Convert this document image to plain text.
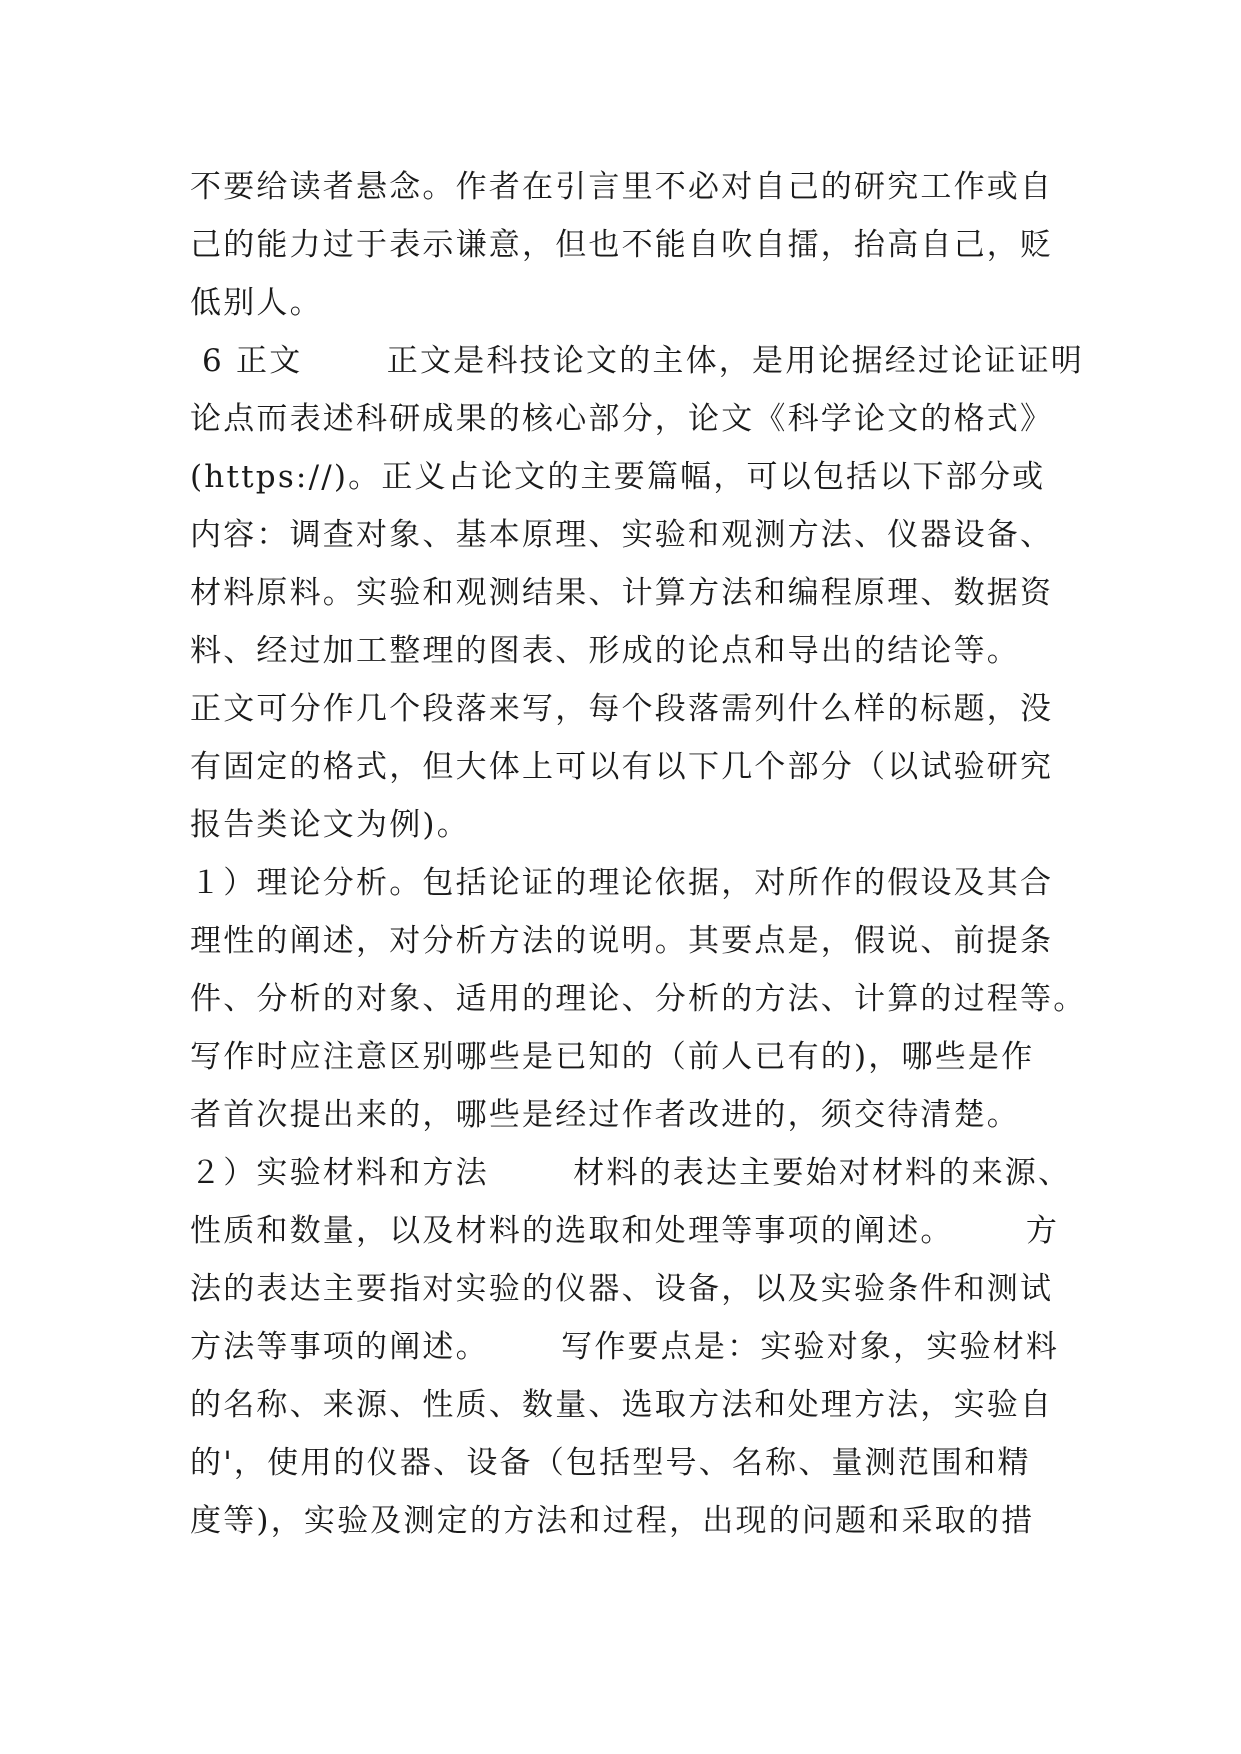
不要给读者悬念。作者在引言里不必对自己的研究工作或自
己的能力过于表示谦意，但也不能自吹自擂，抬高自己，贬
低别人。
6 正文       正文是科技论文的主体，是用论据经过论证证明
论点而表述科研成果的核心部分，论文《科学论文的格式》
(https://)。正义占论文的主要篇幅，可以包括以下部分或
内容：调查对象、基本原理、实验和观测方法、仪器设备、
材料原料。实验和观测结果、计算方法和编程原理、数据资
料、经过加工整理的图表、形成的论点和导出的结论等。
正文可分作几个段落来写，每个段落需列什么样的标题，没
有固定的格式，但大体上可以有以下几个部分（以试验研究
报告类论文为例)。
１）理论分析。包括论证的理论依据，对所作的假设及其合
理性的阐述，对分析方法的说明。其要点是，假说、前提条
件、分析的对象、适用的理论、分析的方法、计算的过程等。
写作时应注意区别哪些是已知的（前人已有的)，哪些是作
者首次提出来的，哪些是经过作者改进的，须交待清楚。
２）实验材料和方法       材料的表达主要始对材料的来源、
性质和数量，以及材料的选取和处理等事项的阐述。      方
法的表达主要指对实验的仪器、设备，以及实验条件和测试
方法等事项的阐述。      写作要点是：实验对象，实验材料
的名称、来源、性质、数量、选取方法和处理方法，实验自
的'，使用的仪器、设备（包括型号、名称、量测范围和精
度等)，实验及测定的方法和过程，出现的问题和采取的措
